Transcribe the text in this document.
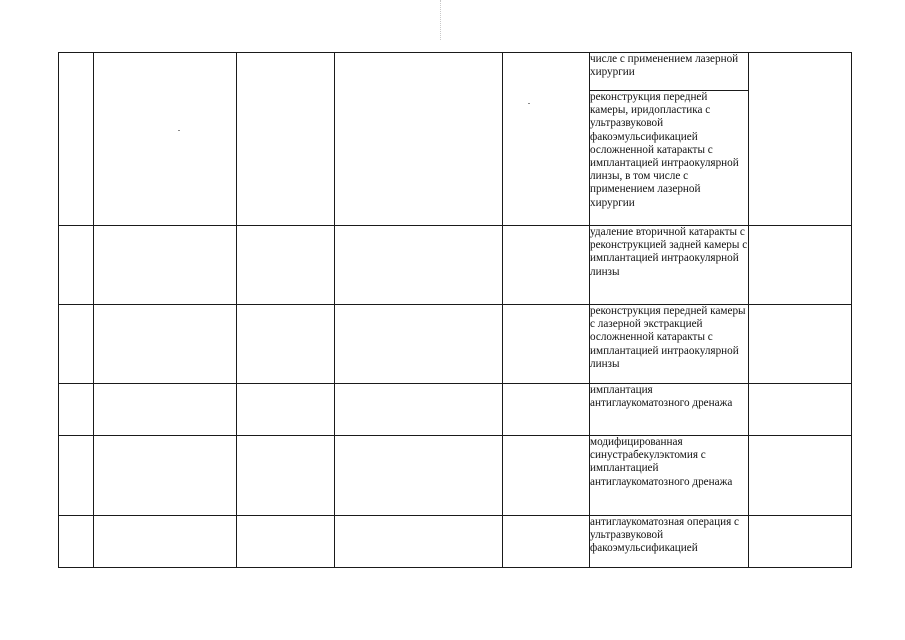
					числе с применением лазерной хирургии	

					реконструкция передней камеры, иридопластика с ультразвуковой факоэмульсификацией осложненной катаракты с имплантацией интраокулярной линзы, в том числе с применением лазерной хирургии	

					удаление вторичной катаракты с реконструкцией задней камеры с имплантацией интраокулярной линзы	

					реконструкция передней камеры с лазерной экстракцией осложненной катаракты с имплантацией интраокулярной линзы	

					имплантация антиглаукоматозного дренажа	

					модифицированная синустрабекулэктомия с имплантацией антиглаукоматозного дренажа	

					антиглаукоматозная операция с ультразвуковой факоэмульсификацией	
